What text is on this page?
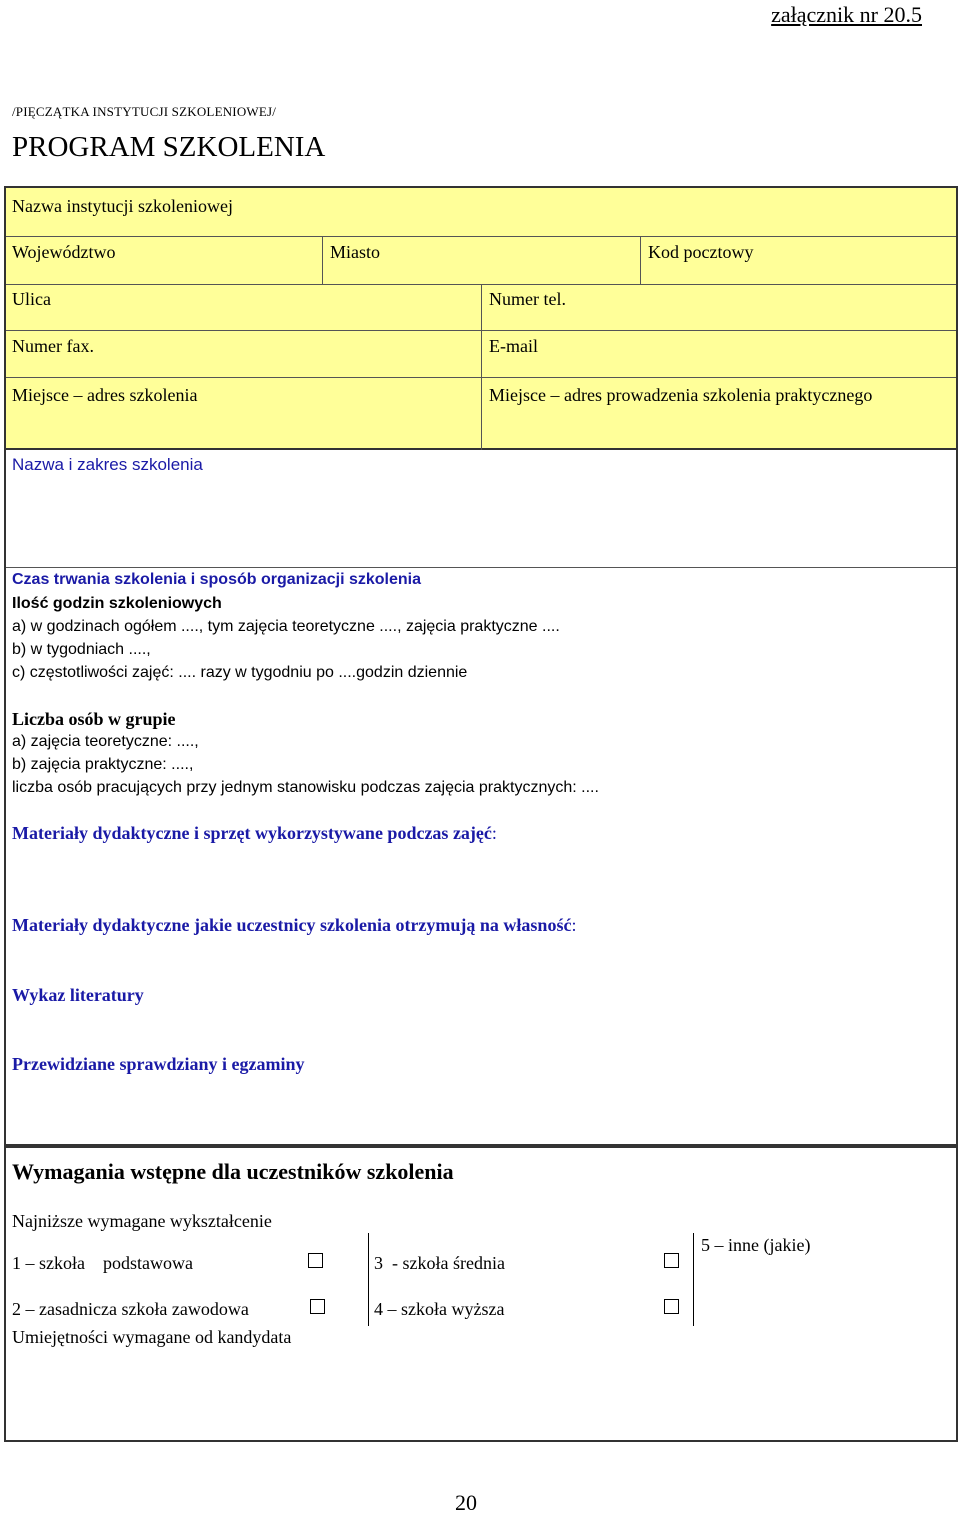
załącznik nr 20.5
/PIĘCZĄTKA INSTYTUCJI SZKOLENIOWEJ/
PROGRAM SZKOLENIA
Nazwa instytucji szkoleniowej
Województwo	Miasto	Kod pocztowy
Ulica	Numer tel.
Numer fax.	E-mail
Miejsce – adres szkolenia	Miejsce – adres prowadzenia szkolenia praktycznego
Nazwa i zakres szkolenia
Czas trwania szkolenia i sposób organizacji szkolenia
Ilość godzin szkoleniowych
a) w godzinach ogółem ...., tym zajęcia teoretyczne ...., zajęcia praktyczne ....
b) w tygodniach ....,
c) częstotliwości zajęć: .... razy w tygodniu po ....godzin dziennie
Liczba osób w grupie
a) zajęcia teoretyczne: ....,
b) zajęcia praktyczne: ....,
liczba osób pracujących przy jednym stanowisku podczas zajęcia praktycznych: ....
Materiały dydaktyczne i sprzęt wykorzystywane podczas zajęć:
Materiały dydaktyczne jakie uczestnicy szkolenia otrzymują na własność:
Wykaz literatury
Przewidziane sprawdziany i egzaminy
Wymagania wstępne dla uczestników szkolenia
Najniższe wymagane wykształcenie
1 – szkoła    podstawowa
2 – zasadnicza szkoła zawodowa
3  - szkoła średnia
4 – szkoła wyższa
5 – inne (jakie)
Umiejętności wymagane od kandydata
20
